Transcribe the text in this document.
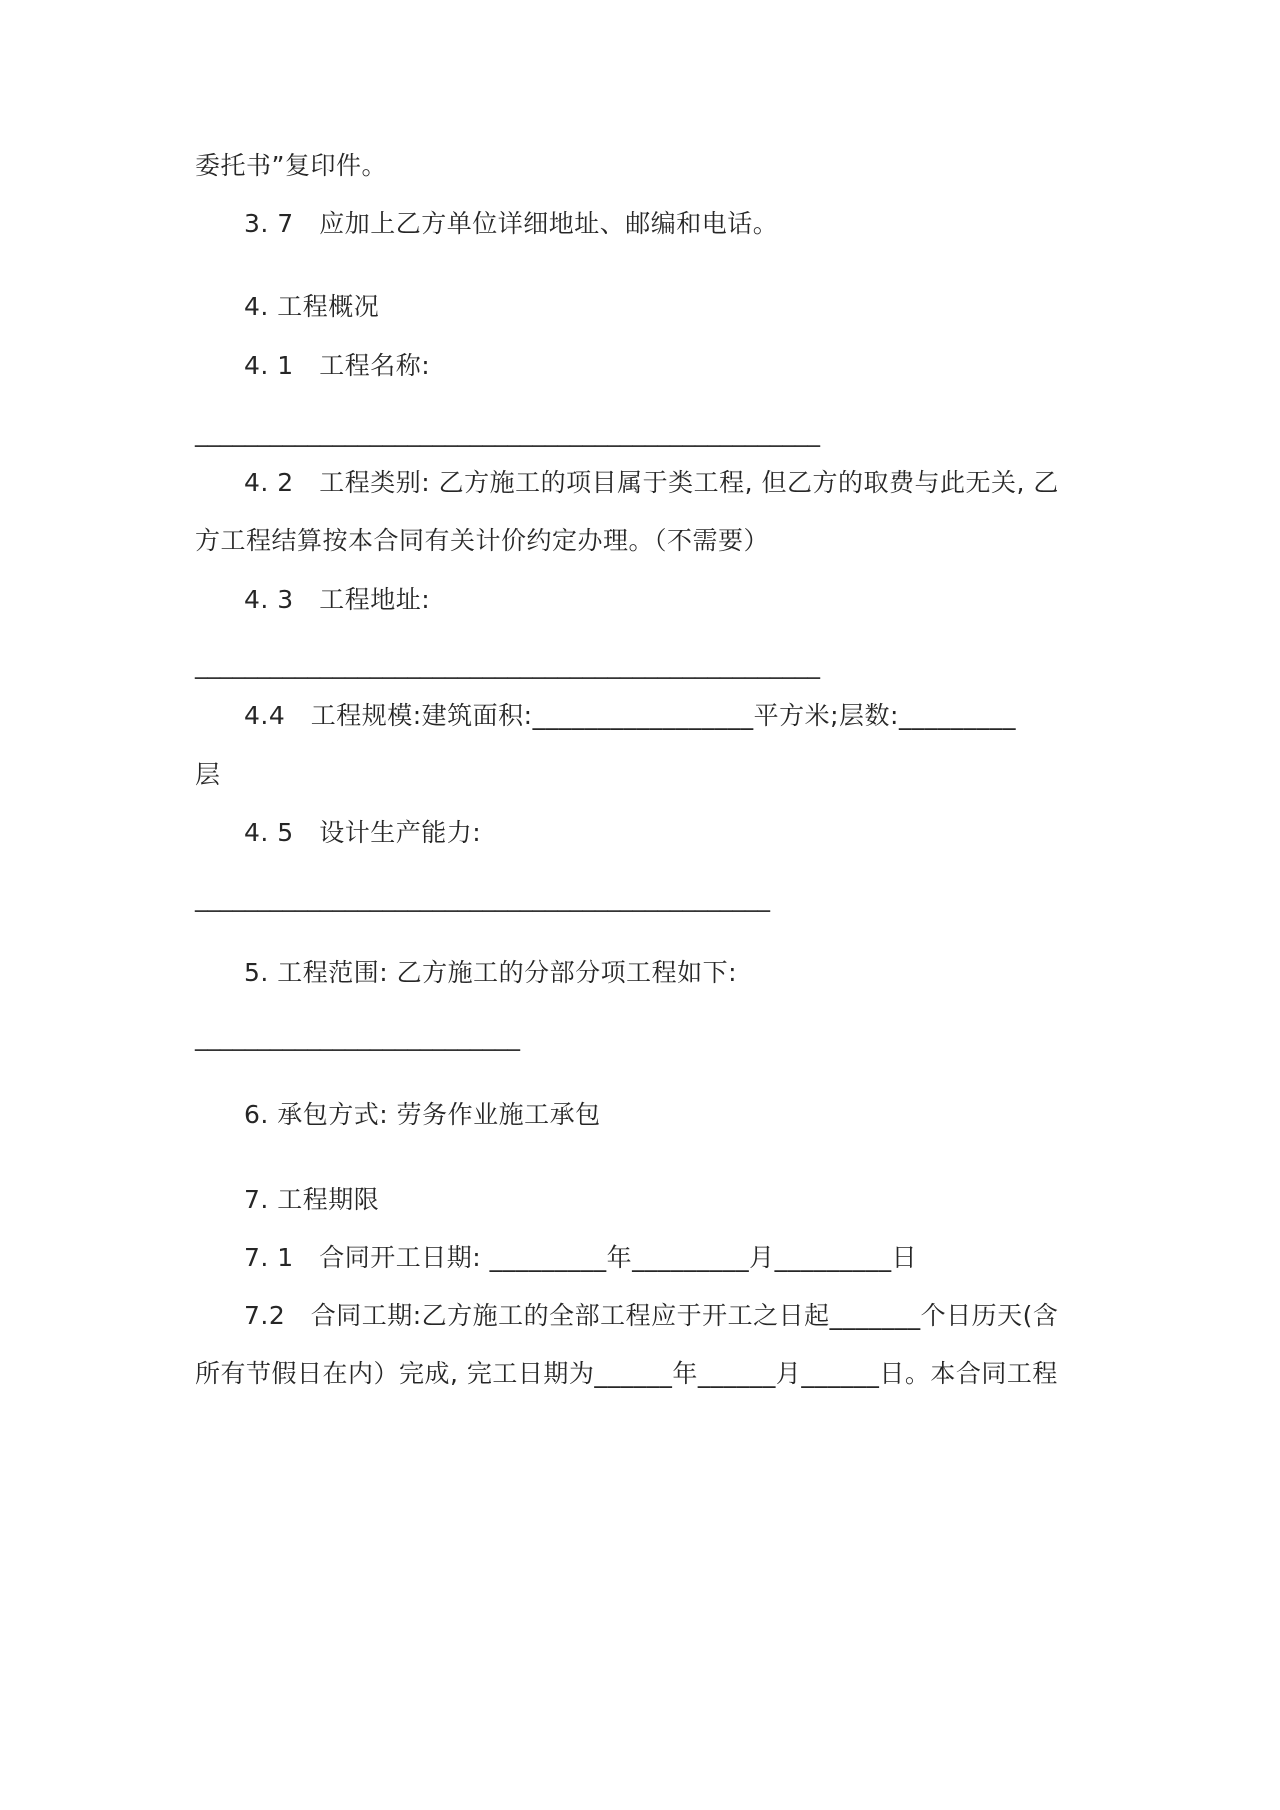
委托书”复印件。
3. 7　应加上乙方单位详细地址、邮编和电话。
4. 工程概况
4. 1　工程名称:
__________________________________________________
4. 2　工程类别: 乙方施工的项目属于类工程, 但乙方的取费与此无关, 乙
方工程结算按本合同有关计价约定办理。（不需要）
4. 3　工程地址:
__________________________________________________
4.4　工程规模:建筑面积:_________________平方米;层数:_________
层
4. 5　设计生产能力:
______________________________________________
5. 工程范围: 乙方施工的分部分项工程如下:
__________________________
6. 承包方式: 劳务作业施工承包
7. 工程期限
7. 1　合同开工日期: _________年_________月_________日
7.2　合同工期:乙方施工的全部工程应于开工之日起_______个日历天(含
所有节假日在内）完成, 完工日期为______年______月______日。本合同工程
